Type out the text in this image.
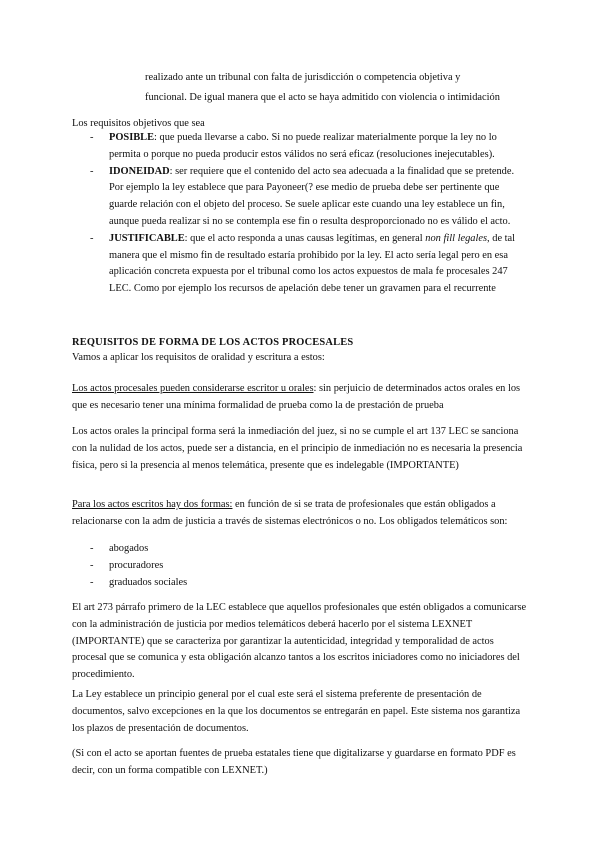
realizado ante un tribunal con falta de jurisdicción o competencia objetiva y

funcional. De igual manera que el acto se haya admitido con violencia o intimidación

Los requisitos objetivos que sea
- POSIBLE: que pueda llevarse a cabo. Si no puede realizar materialmente porque la ley no lo permita o porque no pueda producir estos válidos no será eficaz (resoluciones inejecutables).
- IDONEIDAD: ser requiere que el contenido del acto sea adecuada a la finalidad que se pretende. Por ejemplo la ley establece que para Payoneer(? ese medio de prueba debe ser pertinente que guarde relación con el objeto del proceso. Se suele aplicar este cuando una ley establece un fin, aunque pueda realizar si no se contempla ese fin o resulta desproporcionado no es válido el acto.
- JUSTIFICABLE: que el acto responda a unas causas legítimas, en general non fill legales, de tal manera que el mismo fin de resultado estaría prohibido por la ley. El acto sería legal pero en esa aplicación concreta expuesta por el tribunal como los actos expuestos de mala fe procesales 247 LEC. Como por ejemplo los recursos de apelación debe tener un gravamen para el recurrente
REQUISITOS DE FORMA DE LOS ACTOS PROCESALES
Vamos a aplicar los requisitos de oralidad y escritura a estos:
Los actos procesales pueden considerarse escritor u orales: sin perjuicio de determinados actos orales en los que es necesario tener una mínima formalidad de prueba como la de prestación de prueba
Los actos orales la principal forma será la inmediación del juez, si no se cumple el art 137 LEC se sanciona con la nulidad de los actos, puede ser a distancia, en el principio de inmediación no es necesaria la presencia física, pero si la presencia al menos telemática, presente que es indelegable (IMPORTANTE)
Para los actos escritos hay dos formas: en función de si se trata de profesionales que están obligados a relacionarse con la adm de justicia a través de sistemas electrónicos o no. Los obligados telemáticos son:
- abogados
- procuradores
- graduados sociales
El art 273 párrafo primero de la LEC establece que aquellos profesionales que estén obligados a comunicarse con la administración de justicia por medios telemáticos deberá hacerlo por el sistema LEXNET (IMPORTANTE) que se caracteriza por garantizar la autenticidad, integridad y temporalidad de actos procesal que se comunica y esta obligación alcanzo tantos a los escritos iniciadores como no iniciadores del procedimiento.
La Ley establece un principio general por el cual este será el sistema preferente de presentación de documentos, salvo excepciones en la que los documentos se entregarán en papel. Este sistema nos garantiza los plazos de presentación de documentos.
(Si con el acto se aportan fuentes de prueba estatales tiene que digitalizarse y guardarse en formato PDF es decir, con un forma compatible con LEXNET.)
